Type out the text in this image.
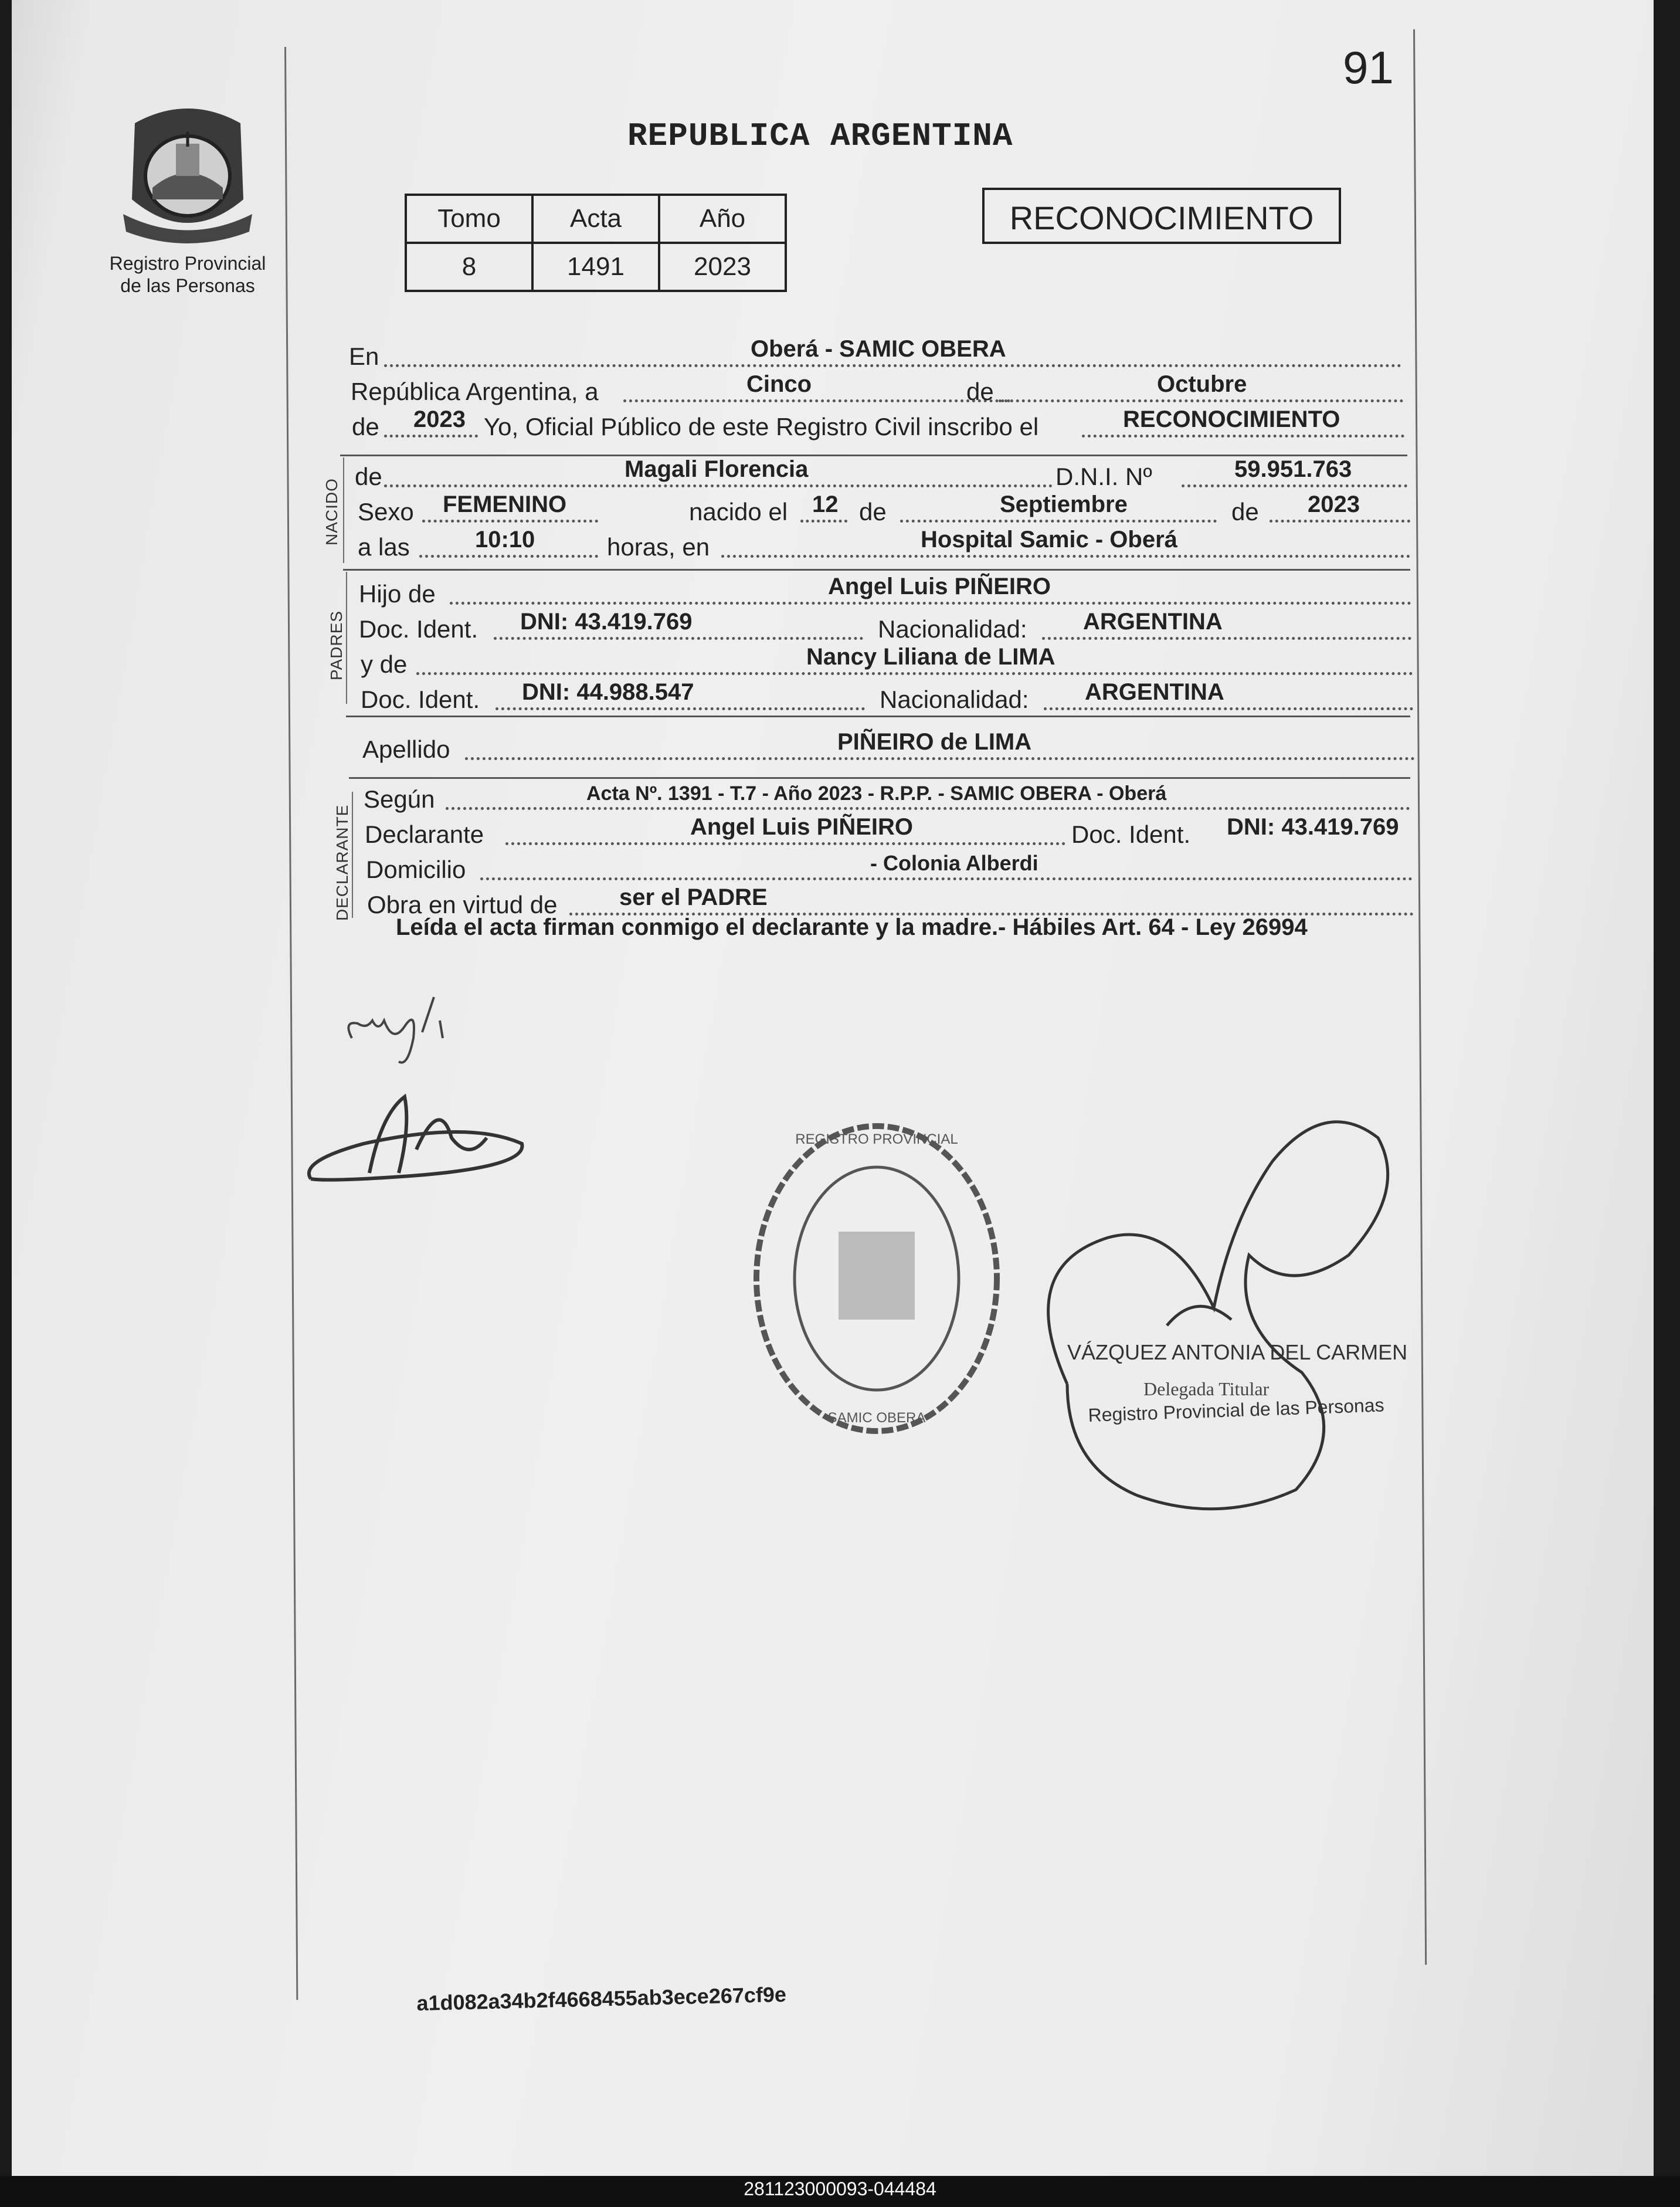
91
Registro Provincial
de las Personas
REPUBLICA ARGENTINA
Tomo	Acta	Año
8	1491	2023
RECONOCIMIENTO
En	Oberá - SAMIC OBERA
República Argentina, a	Cinco	de	Octubre
de 2023 Yo, Oficial Público de este Registro Civil inscribo el	RECONOCIMIENTO
NACIDO
de	Magali Florencia	D.N.I. Nº	59.951.763
Sexo FEMENINO	nacido el 12 de	Septiembre	de 2023
a las	10:10	horas, en	Hospital Samic - Oberá
PADRES
Hijo de	Angel Luis PIÑEIRO
Doc. Ident. DNI: 43.419.769	Nacionalidad: ARGENTINA
y de	Nancy Liliana de LIMA
Doc. Ident. DNI: 44.988.547	Nacionalidad: ARGENTINA
Apellido	PIÑEIRO de LIMA
DECLARANTE
Según	Acta Nº. 1391 - T.7 - Año 2023 - R.P.P. - SAMIC OBERA - Oberá
Declarante	Angel Luis PIÑEIRO	Doc. Ident. DNI: 43.419.769
Domicilio	- Colonia Alberdi
Obra en virtud de	ser el PADRE
Leída el acta firman conmigo el declarante y la madre.- Hábiles Art. 64 - Ley 26994
REGISTRO PROVINCIAL
SAMIC OBERA
VÁZQUEZ ANTONIA DEL CARMEN
Delegada Titular
Registro Provincial de las Personas
a1d082a34b2f4668455ab3ece267cf9e
281123000093-044484
